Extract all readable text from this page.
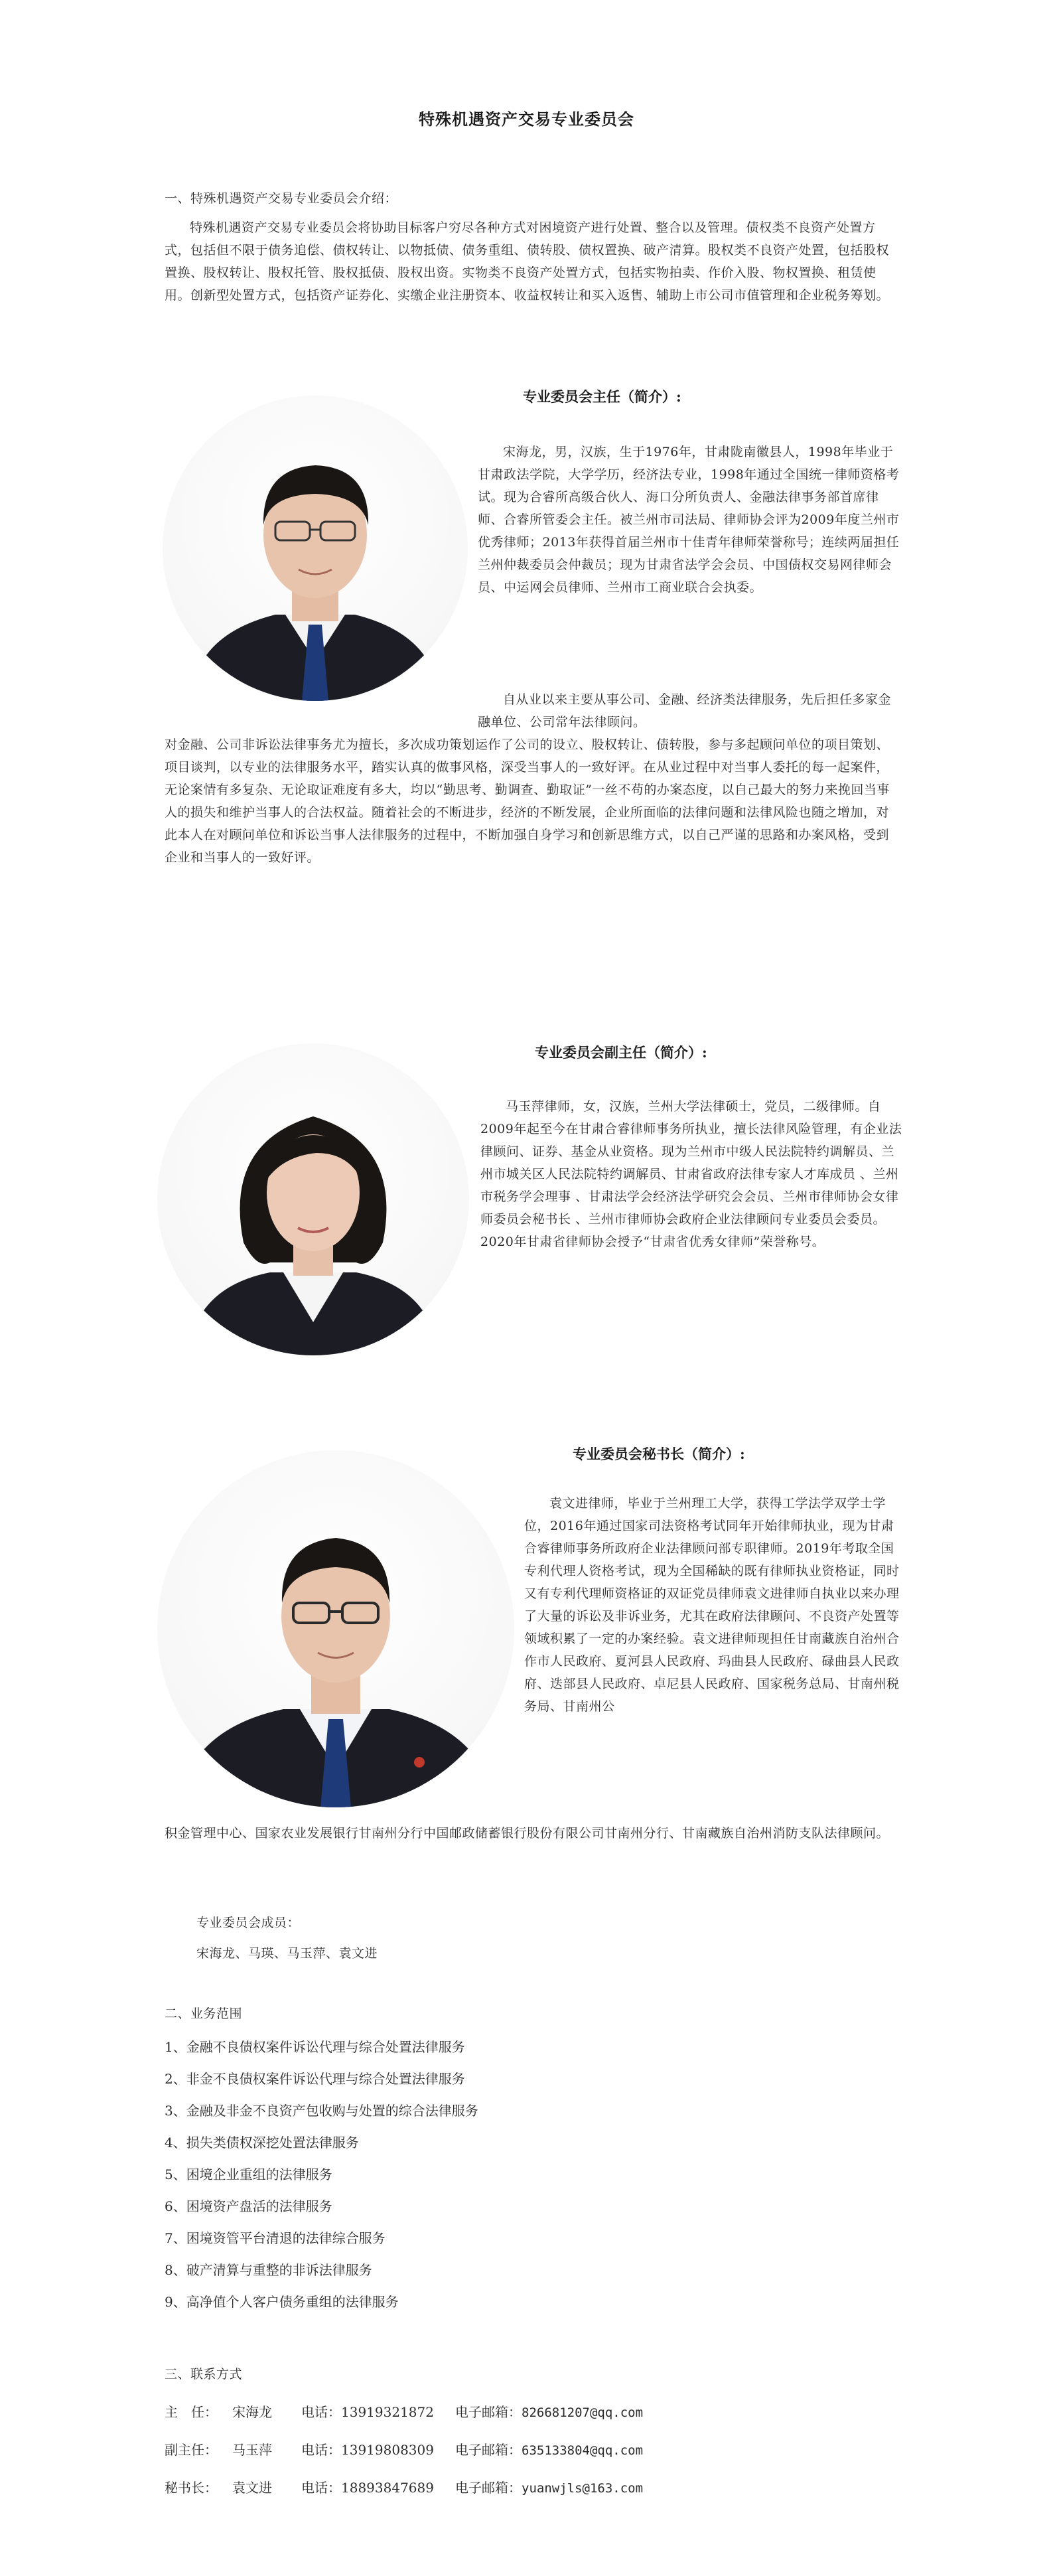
特殊机遇资产交易专业委员会
一、特殊机遇资产交易专业委员会介绍：
特殊机遇资产交易专业委员会将协助目标客户穷尽各种方式对困境资产进行处置、整合以及管理。债权类不良资产处置方式，包括但不限于债务追偿、债权转让、以物抵债、债务重组、债转股、债权置换、破产清算。股权类不良资产处置，包括股权置换、股权转让、股权托管、股权抵债、股权出资。实物类不良资产处置方式，包括实物拍卖、作价入股、物权置换、租赁使用。创新型处置方式，包括资产证券化、实缴企业注册资本、收益权转让和买入返售、辅助上市公司市值管理和企业税务筹划。
专业委员会主任（简介）:
宋海龙，男，汉族，生于1976年，甘肃陇南徽县人，1998年毕业于甘肃政法学院，大学学历，经济法专业，1998年通过全国统一律师资格考试。现为合睿所高级合伙人、海口分所负责人、金融法律事务部首席律师、合睿所管委会主任。被兰州市司法局、律师协会评为2009年度兰州市优秀律师；2013年获得首届兰州市十佳青年律师荣誉称号；连续两届担任兰州仲裁委员会仲裁员；现为甘肃省法学会会员、中国债权交易网律师会员、中运网会员律师、兰州市工商业联合会执委。
自从业以来主要从事公司、金融、经济类法律服务，先后担任多家金融单位、公司常年法律顾问。
对金融、公司非诉讼法律事务尤为擅长，多次成功策划运作了公司的设立、股权转让、债转股，参与多起顾问单位的项目策划、项目谈判，以专业的法律服务水平，踏实认真的做事风格，深受当事人的一致好评。在从业过程中对当事人委托的每一起案件，无论案情有多复杂、无论取证难度有多大，均以“勤思考、勤调查、勤取证”一丝不苟的办案态度，以自己最大的努力来挽回当事人的损失和维护当事人的合法权益。随着社会的不断进步，经济的不断发展，企业所面临的法律问题和法律风险也随之增加，对此本人在对顾问单位和诉讼当事人法律服务的过程中，不断加强自身学习和创新思维方式，以自己严谨的思路和办案风格，受到企业和当事人的一致好评。
专业委员会副主任（简介）:
马玉萍律师，女，汉族，兰州大学法律硕士，党员，二级律师。自2009年起至今在甘肃合睿律师事务所执业，擅长法律风险管理，有企业法律顾问、证券、基金从业资格。现为兰州市中级人民法院特约调解员、兰州市城关区人民法院特约调解员、甘肃省政府法律专家人才库成员 、兰州市税务学会理事 、甘肃法学会经济法学研究会会员、兰州市律师协会女律师委员会秘书长 、兰州市律师协会政府企业法律顾问专业委员会委员。2020年甘肃省律师协会授予“甘肃省优秀女律师”荣誉称号。
专业委员会秘书长（简介）:
袁文进律师，毕业于兰州理工大学，获得工学法学双学士学位，2016年通过国家司法资格考试同年开始律师执业，现为甘肃合睿律师事务所政府企业法律顾问部专职律师。2019年考取全国专利代理人资格考试，现为全国稀缺的既有律师执业资格证，同时又有专利代理师资格证的双证党员律师袁文进律师自执业以来办理了大量的诉讼及非诉业务，尤其在政府法律顾问、不良资产处置等领域积累了一定的办案经验。袁文进律师现担任甘南藏族自治州合作市人民政府、夏河县人民政府、玛曲县人民政府、碌曲县人民政府、迭部县人民政府、卓尼县人民政府、国家税务总局、甘南州税务局、甘南州公
积金管理中心、国家农业发展银行甘南州分行中国邮政储蓄银行股份有限公司甘南州分行、甘南藏族自治州消防支队法律顾问。
专业委员会成员：
宋海龙、马瑛、马玉萍、袁文进
二、业务范围
1、金融不良债权案件诉讼代理与综合处置法律服务
2、非金不良债权案件诉讼代理与综合处置法律服务
3、金融及非金不良资产包收购与处置的综合法律服务
4、损失类债权深挖处置法律服务
5、困境企业重组的法律服务
6、困境资产盘活的法律服务
7、困境资管平台清退的法律综合服务
8、破产清算与重整的非诉法律服务
9、高净值个人客户债务重组的法律服务
三、联系方式
主　任： 宋海龙 电话：13919321872 电子邮箱：826681207@qq.com
副主任： 马玉萍 电话：13919808309 电子邮箱：635133804@qq.com
秘书长： 袁文进 电话：18893847689 电子邮箱：yuanwjls@163.com
